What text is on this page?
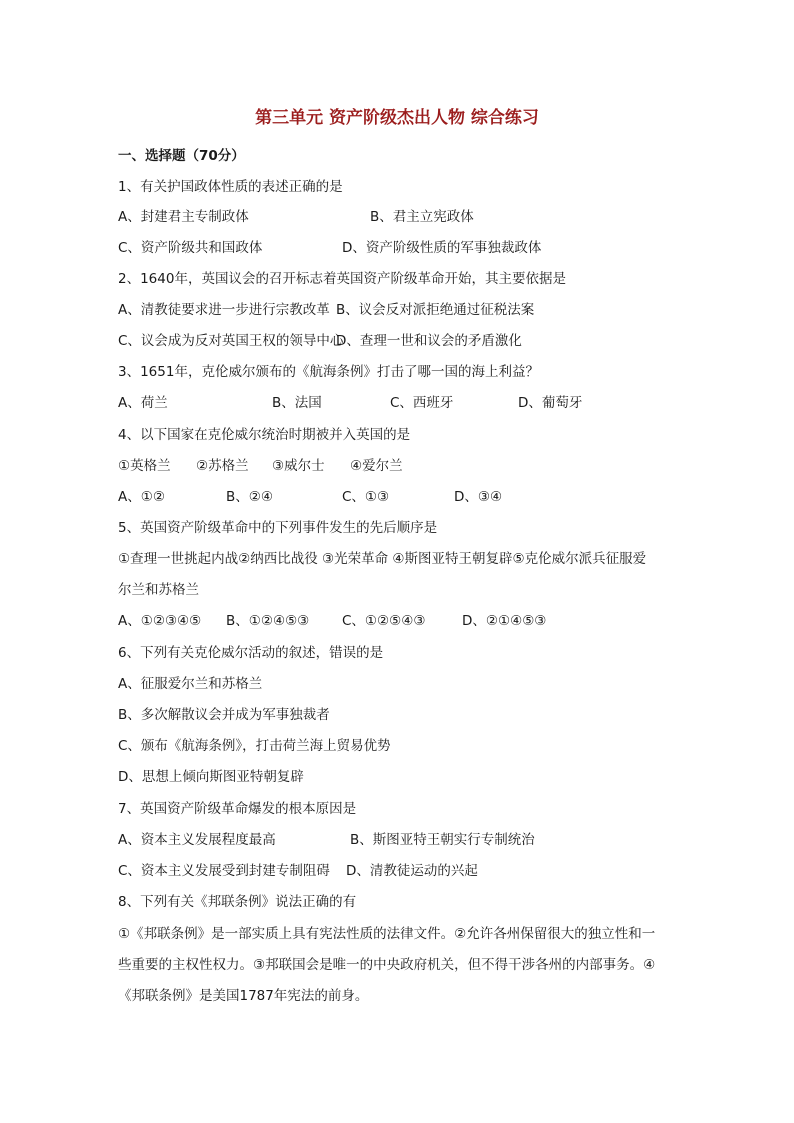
第三单元 资产阶级杰出人物 综合练习
一、选择题（70分）
1、有关护国政体性质的表述正确的是
A、封建君主专制政体	B、君主立宪政体
C、资产阶级共和国政体	D、资产阶级性质的军事独裁政体
2、1640年，英国议会的召开标志着英国资产阶级革命开始，其主要依据是
A、清教徒要求进一步进行宗教改革 B、议会反对派拒绝通过征税法案
C、议会成为反对英国王权的领导中心
D、查理一世和议会的矛盾激化
3、1651年，克伦威尔颁布的《航海条例》打击了哪一国的海上利益？
A、荷兰	B、法国	C、西班牙	D、葡萄牙
4、以下国家在克伦威尔统治时期被并入英国的是
①英格兰 ②苏格兰 ③威尔士 ④爱尔兰
A、①②	B、②④	C、①③	D、③④
5、英国资产阶级革命中的下列事件发生的先后顺序是
①查理一世挑起内战②纳西比战役 ③光荣革命 ④斯图亚特王朝复辟⑤克伦威尔派兵征服爱
尔兰和苏格兰
A、①②③④⑤ B、①②④⑤③ C、①②⑤④③	D、②①④⑤③
6、下列有关克伦威尔活动的叙述，错误的是
A、征服爱尔兰和苏格兰
B、多次解散议会并成为军事独裁者
C、颁布《航海条例》，打击荷兰海上贸易优势
D、思想上倾向斯图亚特朝复辟
7、英国资产阶级革命爆发的根本原因是
A、资本主义发展程度最高	B、斯图亚特王朝实行专制统治
C、资本主义发展受到封建专制阻碍 D、清教徒运动的兴起
8、下列有关《邦联条例》说法正确的有
①《邦联条例》是一部实质上具有宪法性质的法律文件。②允许各州保留很大的独立性和一
些重要的主权性权力。③邦联国会是唯一的中央政府机关，但不得干涉各州的内部事务。④
《邦联条例》是美国1787年宪法的前身。
